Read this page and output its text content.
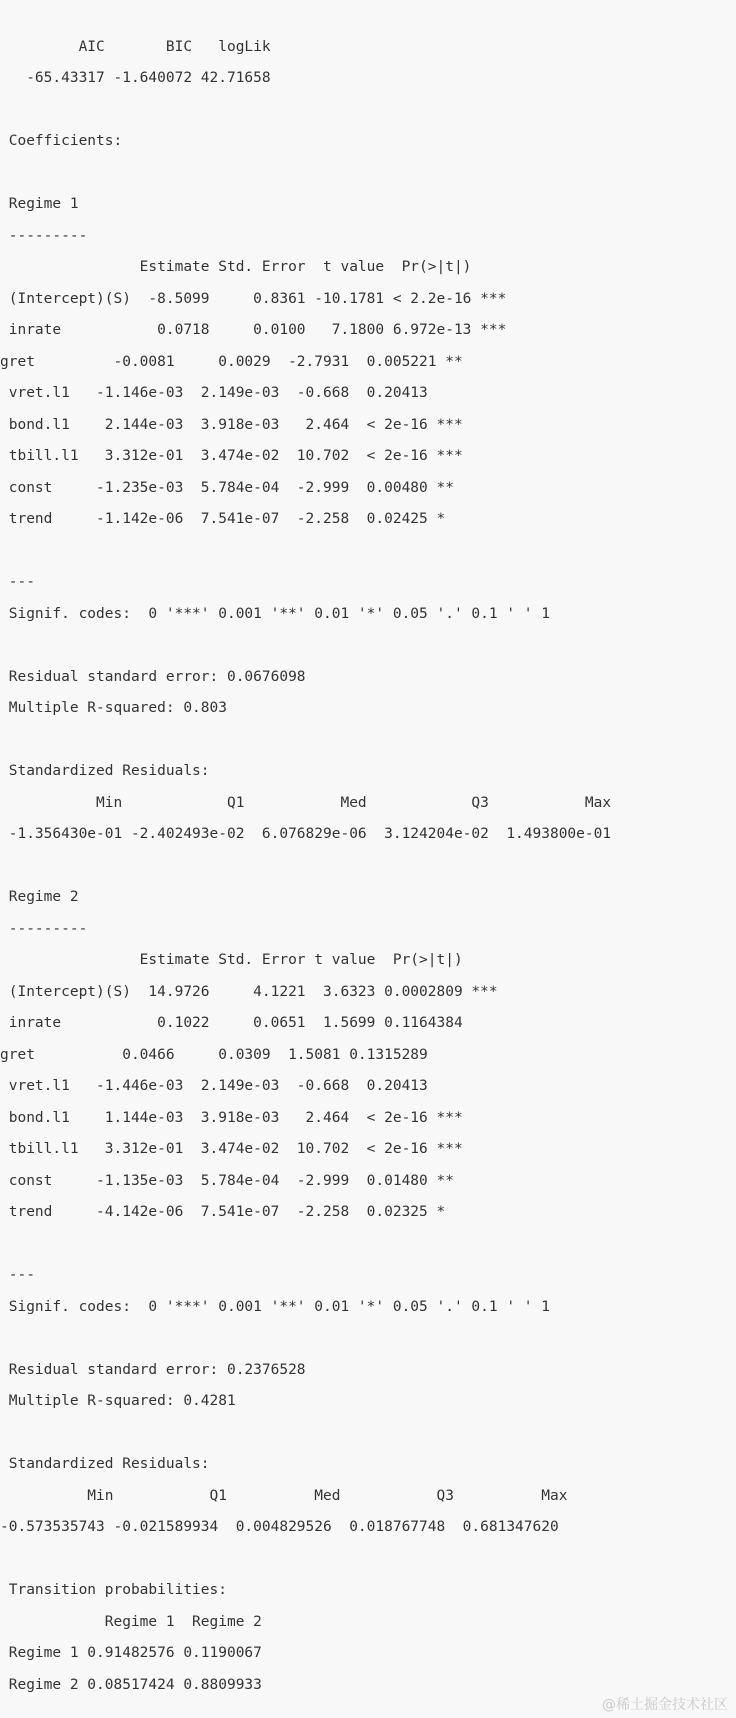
AIC       BIC   logLik
-65.43317 -1.640072 42.71658
Coefficients:
Regime 1
---------
Estimate Std. Error  t value  Pr(>|t|)
(Intercept)(S)  -8.5099     0.8361 -10.1781 < 2.2e-16 ***
inrate           0.0718     0.0100   7.1800 6.972e-13 ***
gret         -0.0081     0.0029  -2.7931  0.005221 **
vret.l1   -1.146e-03  2.149e-03  -0.668  0.20413
bond.l1    2.144e-03  3.918e-03   2.464  < 2e-16 ***
tbill.l1   3.312e-01  3.474e-02  10.702  < 2e-16 ***
const     -1.235e-03  5.784e-04  -2.999  0.00480 **
trend     -1.142e-06  7.541e-07  -2.258  0.02425 *
---
Signif. codes:  0 '***' 0.001 '**' 0.01 '*' 0.05 '.' 0.1 ' ' 1
Residual standard error: 0.0676098
Multiple R-squared: 0.803
Standardized Residuals:
Min            Q1           Med            Q3           Max
-1.356430e-01 -2.402493e-02  6.076829e-06  3.124204e-02  1.493800e-01
Regime 2
---------
Estimate Std. Error t value  Pr(>|t|)
(Intercept)(S)  14.9726     4.1221  3.6323 0.0002809 ***
inrate           0.1022     0.0651  1.5699 0.1164384
gret          0.0466     0.0309  1.5081 0.1315289
vret.l1   -1.446e-03  2.149e-03  -0.668  0.20413
bond.l1    1.144e-03  3.918e-03   2.464  < 2e-16 ***
tbill.l1   3.312e-01  3.474e-02  10.702  < 2e-16 ***
const     -1.135e-03  5.784e-04  -2.999  0.01480 **
trend     -4.142e-06  7.541e-07  -2.258  0.02325 *
---
Signif. codes:  0 '***' 0.001 '**' 0.01 '*' 0.05 '.' 0.1 ' ' 1
Residual standard error: 0.2376528
Multiple R-squared: 0.4281
Standardized Residuals:
Min           Q1          Med           Q3          Max
-0.573535743 -0.021589934  0.004829526  0.018767748  0.681347620
Transition probabilities:
Regime 1  Regime 2
Regime 1 0.91482576 0.1190067
Regime 2 0.08517424 0.8809933
@稀土掘金技术社区
